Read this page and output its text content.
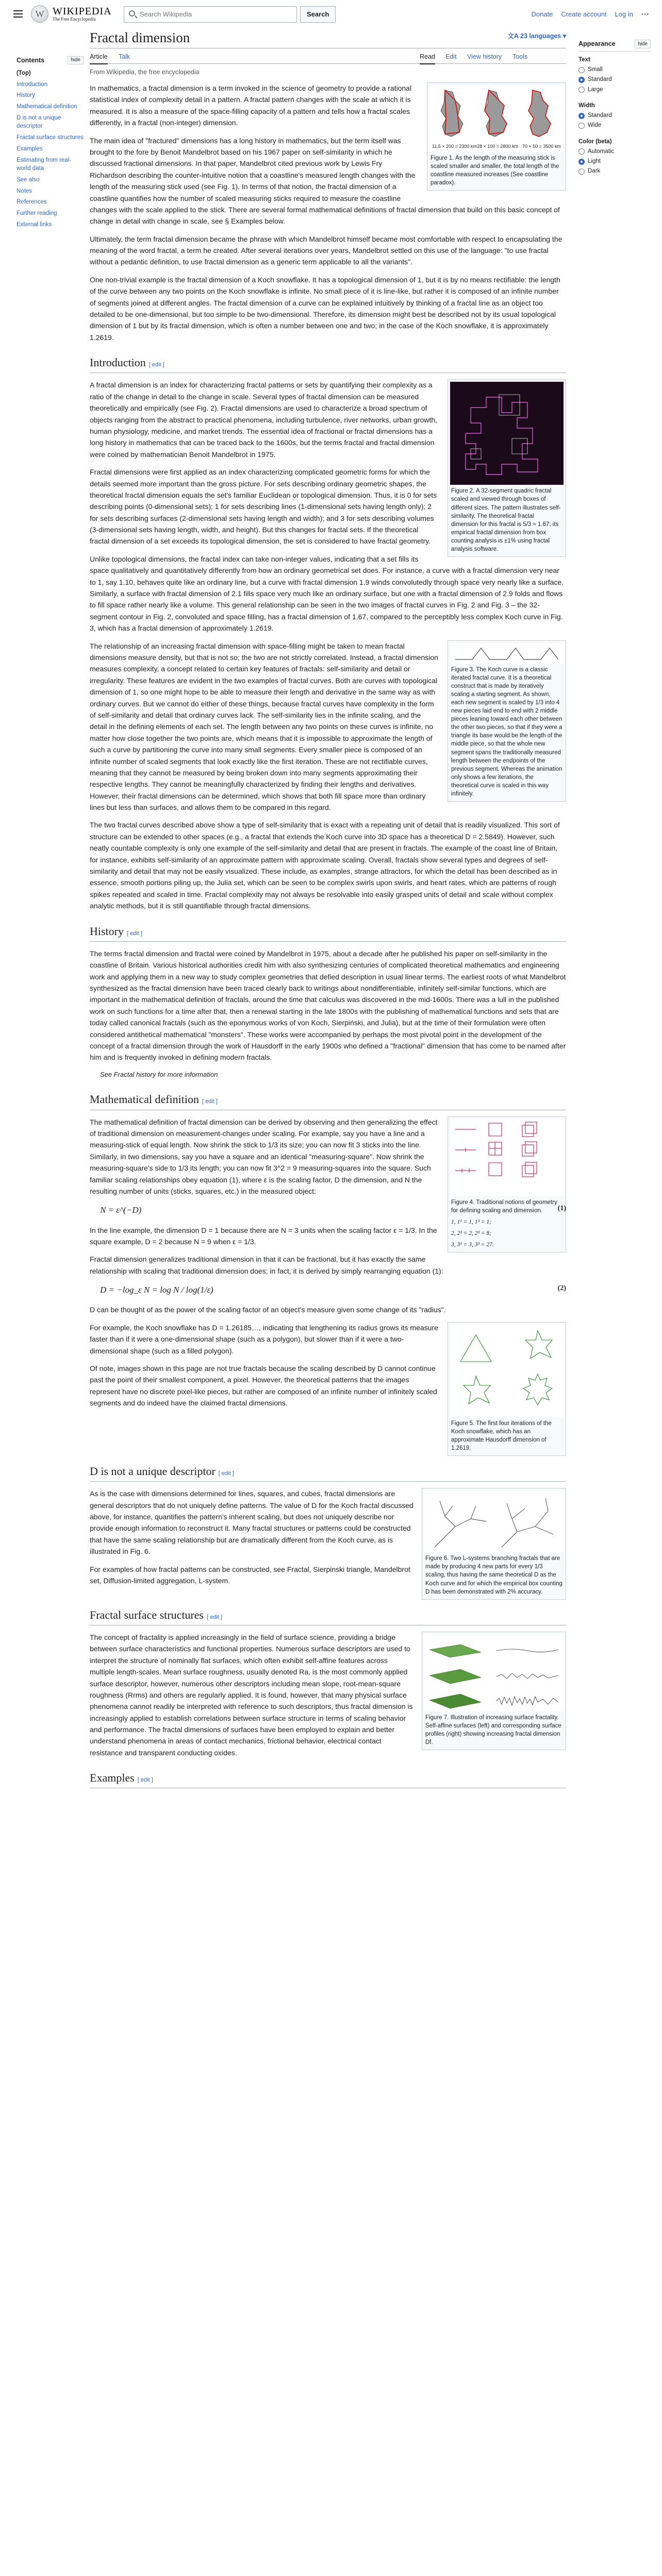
W WIKIPEDIA
The Free Encyclopedia
Search Wikipedia	Search	Donate Create account Log in ···
Contents	hide
(Top)
Introduction
History
Mathematical definition
D is not a unique descriptor
Fractal surface structures
Examples
Estimating from real-world data
See also
Notes
References
Further reading
External links
Appearance	hide
Text
Small
Standard
Large
Width
Standard
Wide
Color (beta)
Automatic
Light
Dark
Fractal dimension	文A 23 languages ▾
Article Talk	Read Edit View history Tools
From Wikipedia, the free encyclopedia
11.5 × 200 = 2300 km 28 × 100 = 2800 km 70 × 50 = 3500 km
Figure 1. As the length of the measuring stick is scaled smaller and smaller, the total length of the coastline measured increases (See coastline paradox).

In mathematics, a fractal dimension is a term invoked in the science of geometry to provide a rational statistical index of complexity detail in a pattern. A fractal pattern changes with the scale at which it is measured. It is also a measure of the space-filling capacity of a pattern and tells how a fractal scales differently, in a fractal (non-integer) dimension.

The main idea of "fractured" dimensions has a long history in mathematics, but the term itself was brought to the fore by Benoit Mandelbrot based on his 1967 paper on self-similarity in which he discussed fractional dimensions. In that paper, Mandelbrot cited previous work by Lewis Fry Richardson describing the counter-intuitive notion that a coastline's measured length changes with the length of the measuring stick used (see Fig. 1). In terms of that notion, the fractal dimension of a coastline quantifies how the number of scaled measuring sticks required to measure the coastline changes with the scale applied to the stick. There are several formal mathematical definitions of fractal dimension that build on this basic concept of change in detail with change in scale, see § Examples below.

Ultimately, the term fractal dimension became the phrase with which Mandelbrot himself became most comfortable with respect to encapsulating the meaning of the word fractal, a term he created. After several iterations over years, Mandelbrot settled on this use of the language: "to use fractal without a pedantic definition, to use fractal dimension as a generic term applicable to all the variants".

One non-trivial example is the fractal dimension of a Koch snowflake. It has a topological dimension of 1, but it is by no means rectifiable: the length of the curve between any two points on the Koch snowflake is infinite. No small piece of it is line-like, but rather it is composed of an infinite number of segments joined at different angles. The fractal dimension of a curve can be explained intuitively by thinking of a fractal line as an object too detailed to be one-dimensional, but too simple to be two-dimensional. Therefore, its dimension might best be described not by its usual topological dimension of 1 but by its fractal dimension, which is often a number between one and two; in the case of the Koch snowflake, it is approximately 1.2619.

Introduction [ edit ]
Figure 2. A 32-segment quadric fractal scaled and viewed through boxes of different sizes. The pattern illustrates self-similarity. The theoretical fractal dimension for this fractal is 5/3 ≈ 1.67; its empirical fractal dimension from box counting analysis is ±1% using fractal analysis software.

A fractal dimension is an index for characterizing fractal patterns or sets by quantifying their complexity as a ratio of the change in detail to the change in scale. Several types of fractal dimension can be measured theoretically and empirically (see Fig. 2). Fractal dimensions are used to characterize a broad spectrum of objects ranging from the abstract to practical phenomena, including turbulence, river networks, urban growth, human physiology, medicine, and market trends. The essential idea of fractional or fractal dimensions has a long history in mathematics that can be traced back to the 1600s, but the terms fractal and fractal dimension were coined by mathematician Benoit Mandelbrot in 1975.

Fractal dimensions were first applied as an index characterizing complicated geometric forms for which the details seemed more important than the gross picture. For sets describing ordinary geometric shapes, the theoretical fractal dimension equals the set's familiar Euclidean or topological dimension. Thus, it is 0 for sets describing points (0-dimensional sets); 1 for sets describing lines (1-dimensional sets having length only); 2 for sets describing surfaces (2-dimensional sets having length and width); and 3 for sets describing volumes (3-dimensional sets having length, width, and height). But this changes for fractal sets. If the theoretical fractal dimension of a set exceeds its topological dimension, the set is considered to have fractal geometry.

Unlike topological dimensions, the fractal index can take non-integer values, indicating that a set fills its space qualitatively and quantitatively differently from how an ordinary geometrical set does. For instance, a curve with a fractal dimension very near to 1, say 1.10, behaves quite like an ordinary line, but a curve with fractal dimension 1.9 winds convolutedly through space very nearly like a surface. Similarly, a surface with fractal dimension of 2.1 fills space very much like an ordinary surface, but one with a fractal dimension of 2.9 folds and flows to fill space rather nearly like a volume. This general relationship can be seen in the two images of fractal curves in Fig. 2 and Fig. 3 – the 32-segment contour in Fig. 2, convoluted and space filling, has a fractal dimension of 1.67, compared to the perceptibly less complex Koch curve in Fig. 3, which has a fractal dimension of approximately 1.2619.

Figure 3. The Koch curve is a classic iterated fractal curve. It is a theoretical construct that is made by iteratively scaling a starting segment. As shown, each new segment is scaled by 1/3 into 4 new pieces laid end to end with 2 middle pieces leaning toward each other between the other two pieces, so that if they were a triangle its base would be the length of the middle piece, so that the whole new segment spans the traditionally measured length between the endpoints of the previous segment. Whereas the animation only shows a few iterations, the theoretical curve is scaled in this way infinitely.

The relationship of an increasing fractal dimension with space-filling might be taken to mean fractal dimensions measure density, but that is not so; the two are not strictly correlated. Instead, a fractal dimension measures complexity, a concept related to certain key features of fractals: self-similarity and detail or irregularity. These features are evident in the two examples of fractal curves. Both are curves with topological dimension of 1, so one might hope to be able to measure their length and derivative in the same way as with ordinary curves. But we cannot do either of these things, because fractal curves have complexity in the form of self-similarity and detail that ordinary curves lack. The self-similarity lies in the infinite scaling, and the detail in the defining elements of each set. The length between any two points on these curves is infinite, no matter how close together the two points are, which means that it is impossible to approximate the length of such a curve by partitioning the curve into many small segments. Every smaller piece is composed of an infinite number of scaled segments that look exactly like the first iteration. These are not rectifiable curves, meaning that they cannot be measured by being broken down into many segments approximating their respective lengths. They cannot be meaningfully characterized by finding their lengths and derivatives. However, their fractal dimensions can be determined, which shows that both fill space more than ordinary lines but less than surfaces, and allows them to be compared in this regard.

The two fractal curves described above show a type of self-similarity that is exact with a repeating unit of detail that is readily visualized. This sort of structure can be extended to other spaces (e.g., a fractal that extends the Koch curve into 3D space has a theoretical D = 2.5849). However, such neatly countable complexity is only one example of the self-similarity and detail that are present in fractals. The example of the coast line of Britain, for instance, exhibits self-similarity of an approximate pattern with approximate scaling. Overall, fractals show several types and degrees of self-similarity and detail that may not be easily visualized. These include, as examples, strange attractors, for which the detail has been described as in essence, smooth portions piling up, the Julia set, which can be seen to be complex swirls upon swirls, and heart rates, which are patterns of rough spikes repeated and scaled in time. Fractal complexity may not always be resolvable into easily grasped units of detail and scale without complex analytic methods, but it is still quantifiable through fractal dimensions.

History [ edit ]

The terms fractal dimension and fractal were coined by Mandelbrot in 1975, about a decade after he published his paper on self-similarity in the coastline of Britain. Various historical authorities credit him with also synthesizing centuries of complicated theoretical mathematics and engineering work and applying them in a new way to study complex geometries that defied description in usual linear terms. The earliest roots of what Mandelbrot synthesized as the fractal dimension have been traced clearly back to writings about nondifferentiable, infinitely self-similar functions, which are important in the mathematical definition of fractals, around the time that calculus was discovered in the mid-1600s. There was a lull in the published work on such functions for a time after that, then a renewal starting in the late 1800s with the publishing of mathematical functions and sets that are today called canonical fractals (such as the eponymous works of von Koch, Sierpiński, and Julia), but at the time of their formulation were often considered antithetical mathematical "monsters". These works were accompanied by perhaps the most pivotal point in the development of the concept of a fractal dimension through the work of Hausdorff in the early 1900s who defined a "fractional" dimension that has come to be named after him and is frequently invoked in defining modern fractals.

See Fractal history for more information
Mathematical definition [ edit ]
Figure 4. Traditional notions of geometry for defining scaling and dimension.
1, 1¹ = 1, 1³ = 1;
2, 2¹ = 2, 2³ = 8;
3, 3¹ = 3, 3³ = 27.

The mathematical definition of fractal dimension can be derived by observing and then generalizing the effect of traditional dimension on measurement-changes under scaling. For example, say you have a line and a measuring-stick of equal length. Now shrink the stick to 1/3 its size; you can now fit 3 sticks into the line. Similarly, in two dimensions, say you have a square and an identical "measuring-square". Now shrink the measuring-square's side to 1/3 its length; you can now fit 3^2 = 9 measuring-squares into the square. Such familiar scaling relationships obey equation (1), where ε is the scaling factor, D the dimension, and N the resulting number of units (sticks, squares, etc.) in the measured object:

N = ε^(−D)	(1)

In the line example, the dimension D = 1 because there are N = 3 units when the scaling factor ε = 1/3. In the square example, D = 2 because N = 9 when ε = 1/3.

Fractal dimension generalizes traditional dimension in that it can be fractional, but it has exactly the same relationship with scaling that traditional dimension does; in fact, it is derived by simply rearranging equation (1):

D = −log_ε N = log N / log(1/ε)	(2)

D can be thought of as the power of the scaling factor of an object's measure given some change of its "radius".

Figure 5. The first four iterations of the Koch snowflake, which has an approximate Hausdorff dimension of 1.2619.

For example, the Koch snowflake has D = 1.26185…, indicating that lengthening its radius grows its measure faster than if it were a one-dimensional shape (such as a polygon), but slower than if it were a two-dimensional shape (such as a filled polygon).

Of note, images shown in this page are not true fractals because the scaling described by D cannot continue past the point of their smallest component, a pixel. However, the theoretical patterns that the images represent have no discrete pixel-like pieces, but rather are composed of an infinite number of infinitely scaled segments and do indeed have the claimed fractal dimensions.

D is not a unique descriptor [ edit ]
Figure 6. Two L-systems branching fractals that are made by producing 4 new parts for every 1/3 scaling, thus having the same theoretical D as the Koch curve and for which the empirical box counting D has been demonstrated with 2% accuracy.

As is the case with dimensions determined for lines, squares, and cubes, fractal dimensions are general descriptors that do not uniquely define patterns. The value of D for the Koch fractal discussed above, for instance, quantifies the pattern's inherent scaling, but does not uniquely describe nor provide enough information to reconstruct it. Many fractal structures or patterns could be constructed that have the same scaling relationship but are dramatically different from the Koch curve, as is illustrated in Fig. 6.

For examples of how fractal patterns can be constructed, see Fractal, Sierpinski triangle, Mandelbrot set, Diffusion-limited aggregation, L-system.

Fractal surface structures [ edit ]
Figure 7. Illustration of increasing surface fractality. Self-affine surfaces (left) and corresponding surface profiles (right) showing increasing fractal dimension Df.

The concept of fractality is applied increasingly in the field of surface science, providing a bridge between surface characteristics and functional properties. Numerous surface descriptors are used to interpret the structure of nominally flat surfaces, which often exhibit self-affine features across multiple length-scales. Mean surface roughness, usually denoted Ra, is the most commonly applied surface descriptor, however, numerous other descriptors including mean slope, root-mean-square roughness (Rrms) and others are regularly applied. It is found, however, that many physical surface phenomena cannot readily be interpreted with reference to such descriptors, thus fractal dimension is increasingly applied to establish correlations between surface structure in terms of scaling behavior and performance. The fractal dimensions of surfaces have been employed to explain and better understand phenomena in areas of contact mechanics, frictional behavior, electrical contact resistance and transparent conducting oxides.

Examples [ edit ]
